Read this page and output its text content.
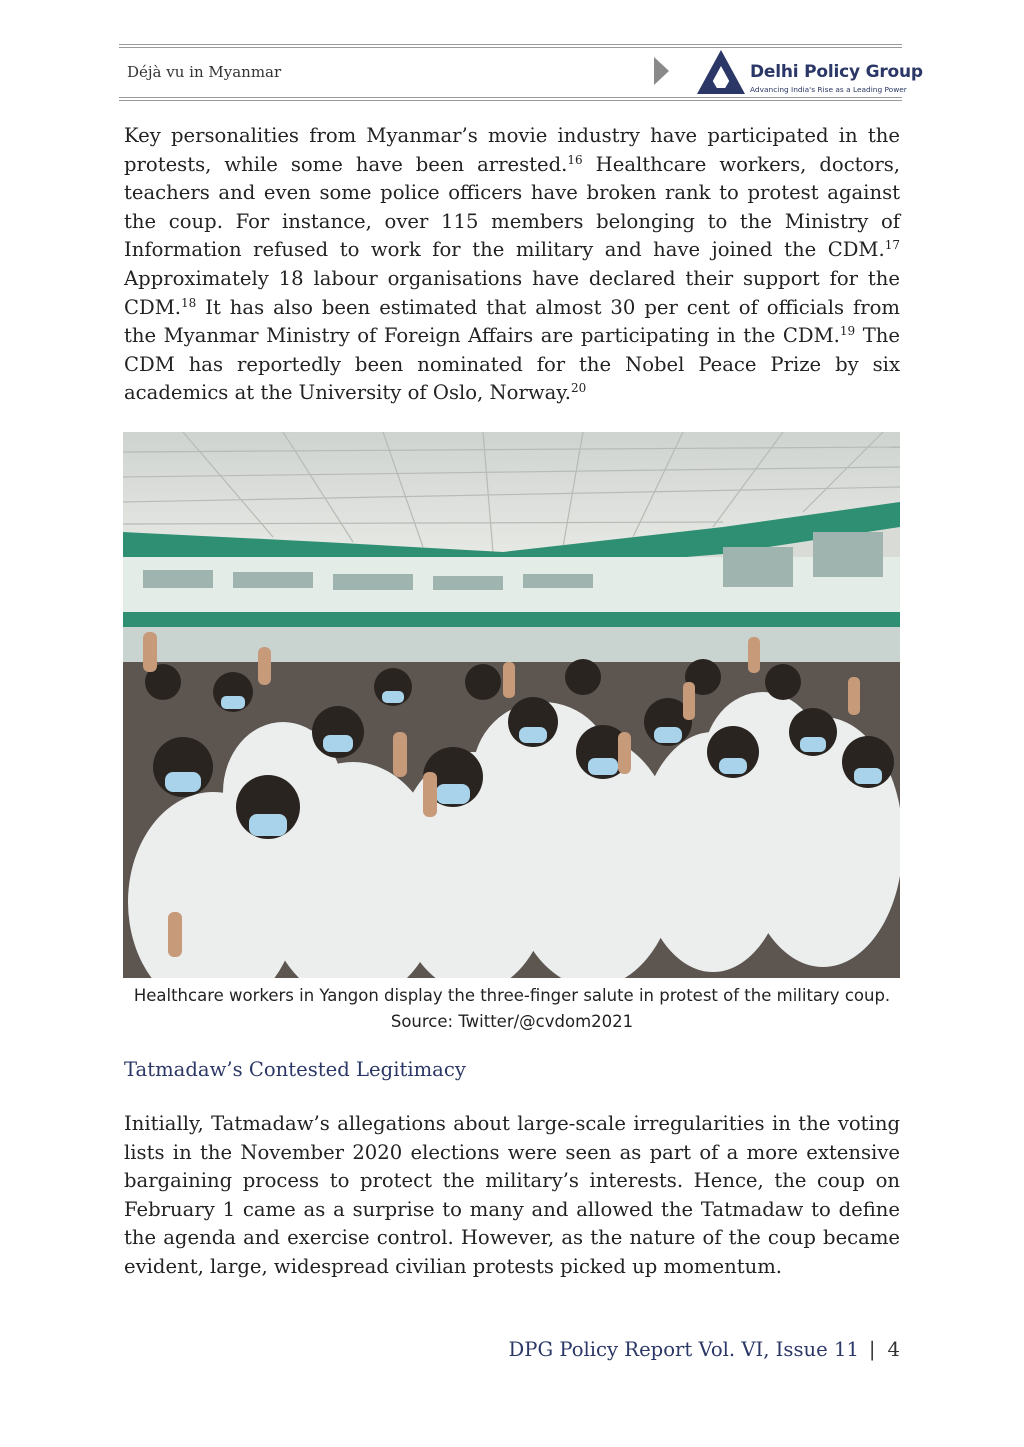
Déjà vu in Myanmar	Delhi Policy Group
Advancing India's Rise as a Leading Power

Key personalities from Myanmar’s movie industry have participated in the protests, while some have been arrested.$^{16}$ Healthcare workers, doctors, teachers and even some police officers have broken rank to protest against the coup. For instance, over 115 members belonging to the Ministry of Information refused to work for the military and have joined the CDM.$^{17}$ Approximately 18 labour organisations have declared their support for the CDM.$^{18}$ It has also been estimated that almost 30 per cent of officials from the Myanmar Ministry of Foreign Affairs are participating in the CDM.$^{19}$ The CDM has reportedly been nominated for the Nobel Peace Prize by six academics at the University of Oslo, Norway.$^{20}$

Healthcare workers in Yangon display the three-finger salute in protest of the military coup. Source: Twitter/@cvdom2021
Tatmadaw’s Contested Legitimacy

Initially, Tatmadaw’s allegations about large-scale irregularities in the voting lists in the November 2020 elections were seen as part of a more extensive bargaining process to protect the military’s interests. Hence, the coup on February 1 came as a surprise to many and allowed the Tatmadaw to define the agenda and exercise control. However, as the nature of the coup became evident, large, widespread civilian protests picked up momentum.

DPG Policy Report Vol. VI, Issue 11 | 4
